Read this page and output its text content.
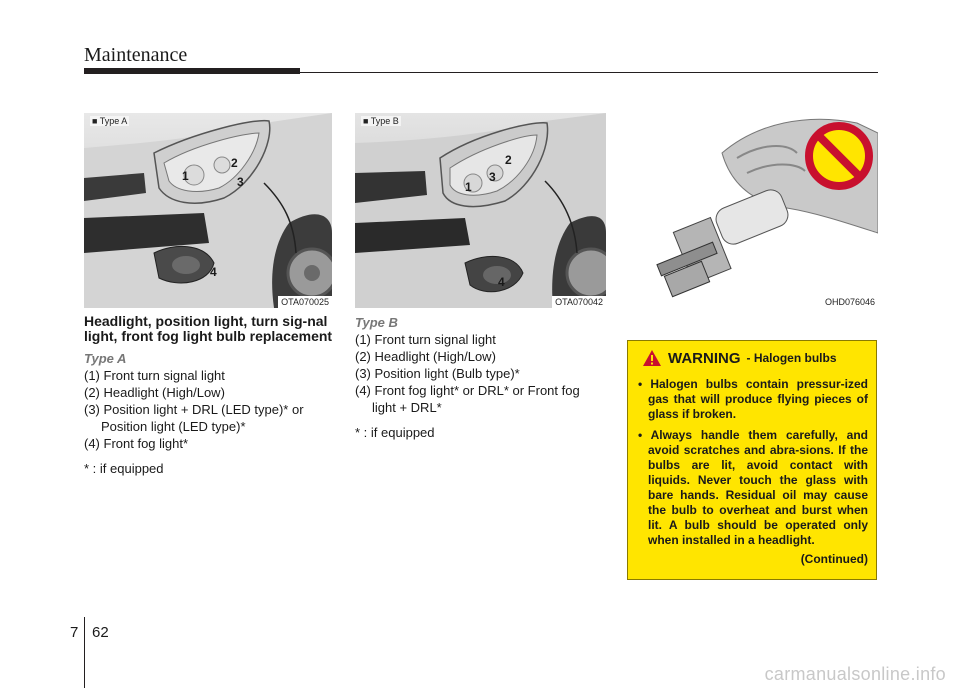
Maintenance
1
2
3
4
■ Type A
OTA070025
1
2
3
4
■ Type B
OTA070042	OHD076046

Headlight, position light, turn sig-nal light, front fog light bulb replacement

Type A

(1) Front turn signal light

(2) Headlight (High/Low)

(3) Position light + DRL (LED type)* or Position light (LED type)*

(4) Front fog light*

* : if equipped

Type B

(1) Front turn signal light

(2) Headlight (High/Low)

(3) Position light (Bulb type)*

(4) Front fog light* or DRL* or Front fog light + DRL*

* : if equipped

WARNING - Halogen bulbs
• Halogen bulbs contain pressur-ized gas that will produce flying pieces of glass if broken.
• Always handle them carefully, and avoid scratches and abra-sions. If the bulbs are lit, avoid contact with liquids. Never touch the glass with bare hands. Residual oil may cause the bulb to overheat and burst when lit. A bulb should be operated only when installed in a headlight.
(Continued)
7 62
carmanualsonline.info
